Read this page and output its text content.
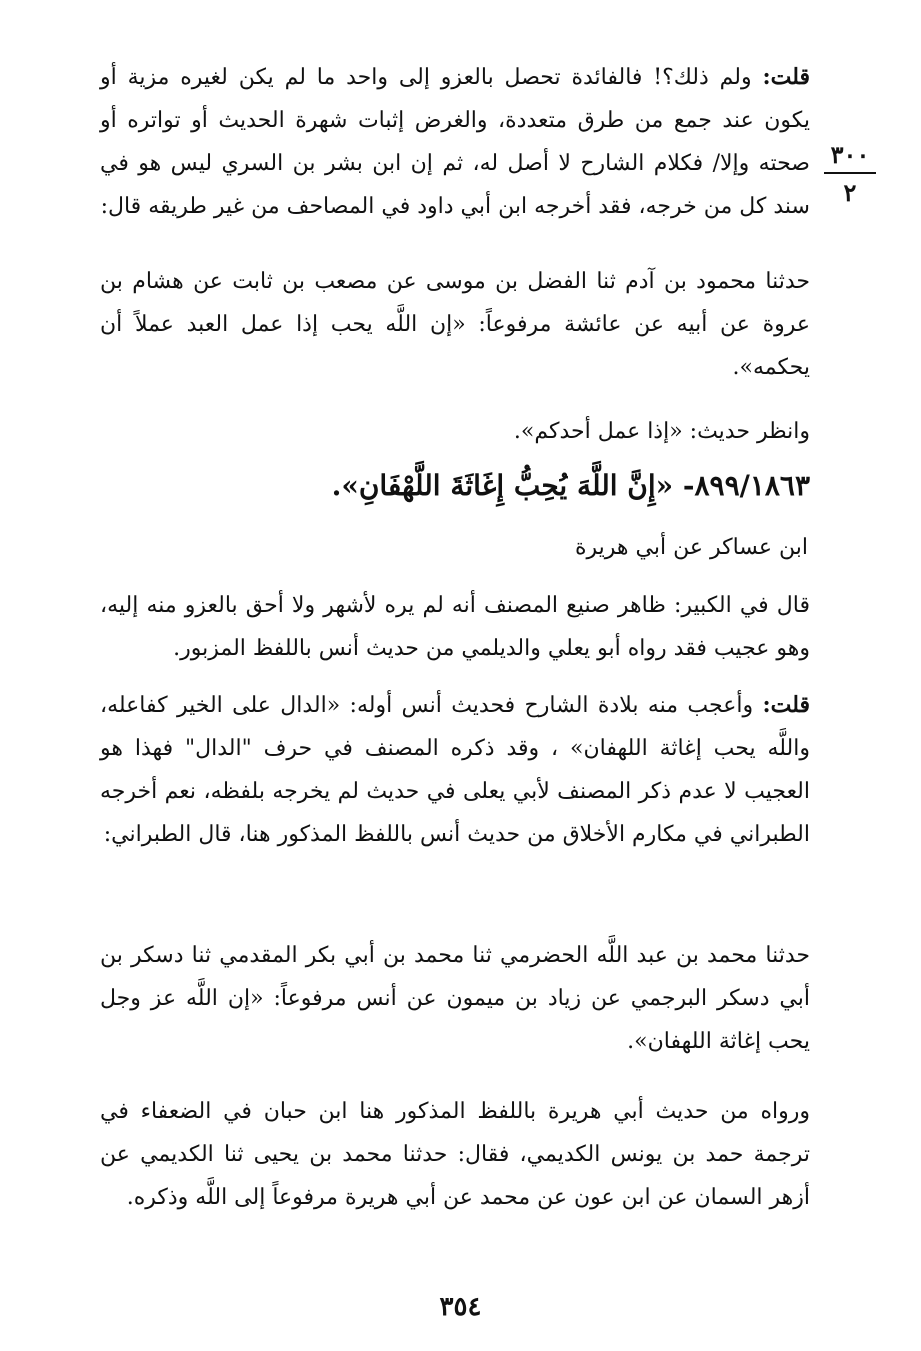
٣٠٠
٢

قلت: ولم ذلك؟! فالفائدة تحصل بالعزو إلى واحد ما لم يكن لغيره مزية أو يكون عند جمع من طرق متعددة، والغرض إثبات شهرة الحديث أو تواتره أو صحته وإلا/ فكلام الشارح لا أصل له، ثم إن ابن بشر بن السري ليس هو في سند كل من خرجه، فقد أخرجه ابن أبي داود في المصاحف من غير طريقه قال:

حدثنا محمود بن آدم ثنا الفضل بن موسى عن مصعب بن ثابت عن هشام بن عروة عن أبيه عن عائشة مرفوعاً: «إن اللَّه يحب إذا عمل العبد عملاً أن يحكمه».

وانظر حديث: «إذا عمل أحدكم».

٨٩٩/١٨٦٣- «إِنَّ اللَّهَ يُحِبُّ إِغَاثَةَ اللَّهْفَانِ».

ابن عساكر عن أبي هريرة

قال في الكبير: ظاهر صنيع المصنف أنه لم يره لأشهر ولا أحق بالعزو منه إليه، وهو عجيب فقد رواه أبو يعلي والديلمي من حديث أنس باللفظ المزبور.

قلت: وأعجب منه بلادة الشارح فحديث أنس أوله: «الدال على الخير كفاعله، واللَّه يحب إغاثة اللهفان» ، وقد ذكره المصنف في حرف "الدال" فهذا هو العجيب لا عدم ذكر المصنف لأبي يعلى في حديث لم يخرجه بلفظه، نعم أخرجه الطبراني في مكارم الأخلاق من حديث أنس باللفظ المذكور هنا، قال الطبراني:

حدثنا محمد بن عبد اللَّه الحضرمي ثنا محمد بن أبي بكر المقدمي ثنا دسكر بن أبي دسكر البرجمي عن زياد بن ميمون عن أنس مرفوعاً: «إن اللَّه عز وجل يحب إغاثة اللهفان».

ورواه من حديث أبي هريرة باللفظ المذكور هنا ابن حبان في الضعفاء في ترجمة حمد بن يونس الكديمي، فقال: حدثنا محمد بن يحيى ثنا الكديمي عن أزهر السمان عن ابن عون عن محمد عن أبي هريرة مرفوعاً إلى اللَّه وذكره.

٣٥٤
